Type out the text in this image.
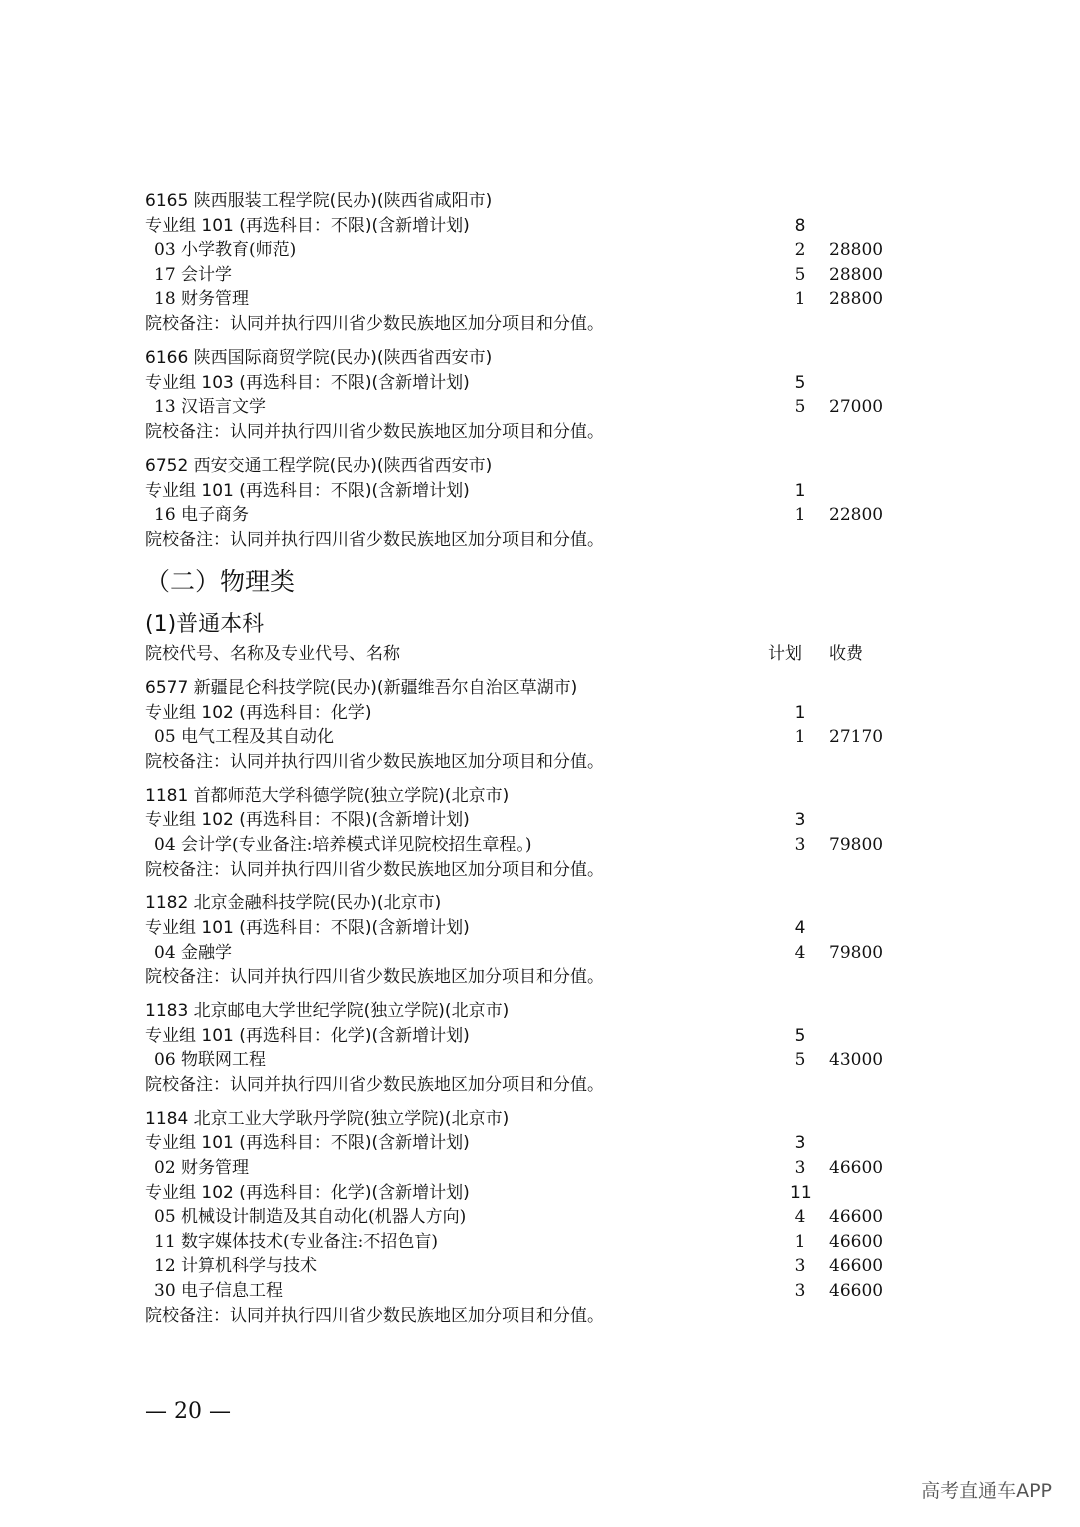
（二）物理类
(1)普通本科
院校代号、名称及专业代号、名称	计划 收费
6165 陕西服装工程学院(民办)(陕西省咸阳市)
专业组 101 (再选科目：不限)(含新增计划)	8
03 小学教育(师范)	2 28800
17 会计学	5 28800
18 财务管理	1 28800
院校备注：认同并执行四川省少数民族地区加分项目和分值。
6166 陕西国际商贸学院(民办)(陕西省西安市)
专业组 103 (再选科目：不限)(含新增计划)	5
13 汉语言文学	5 27000
院校备注：认同并执行四川省少数民族地区加分项目和分值。
6752 西安交通工程学院(民办)(陕西省西安市)
专业组 101 (再选科目：不限)(含新增计划)	1
16 电子商务	1 22800
院校备注：认同并执行四川省少数民族地区加分项目和分值。
6577 新疆昆仑科技学院(民办)(新疆维吾尔自治区草湖市)
专业组 102 (再选科目：化学)	1
05 电气工程及其自动化	1 27170
院校备注：认同并执行四川省少数民族地区加分项目和分值。
1181 首都师范大学科德学院(独立学院)(北京市)
专业组 102 (再选科目：不限)(含新增计划)	3
04 会计学(专业备注:培养模式详见院校招生章程。)	3 79800
院校备注：认同并执行四川省少数民族地区加分项目和分值。
1182 北京金融科技学院(民办)(北京市)
专业组 101 (再选科目：不限)(含新增计划)	4
04 金融学	4 79800
院校备注：认同并执行四川省少数民族地区加分项目和分值。
1183 北京邮电大学世纪学院(独立学院)(北京市)
专业组 101 (再选科目：化学)(含新增计划)	5
06 物联网工程	5 43000
院校备注：认同并执行四川省少数民族地区加分项目和分值。
1184 北京工业大学耿丹学院(独立学院)(北京市)
专业组 101 (再选科目：不限)(含新增计划)	3
02 财务管理	3 46600
专业组 102 (再选科目：化学)(含新增计划)	11
05 机械设计制造及其自动化(机器人方向)	4 46600
11 数字媒体技术(专业备注:不招色盲)	1 46600
12 计算机科学与技术	3 46600
30 电子信息工程	3 46600
院校备注：认同并执行四川省少数民族地区加分项目和分值。
— 20 —
高考直通车APP
